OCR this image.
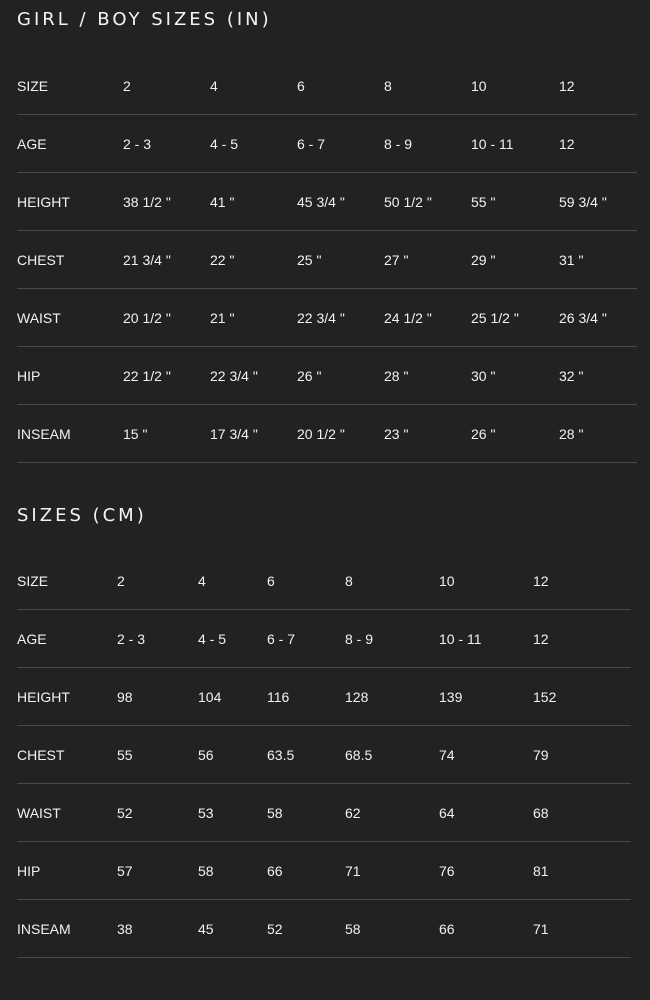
GIRL / BOY SIZES (IN)
SIZE	2	4	6	8	10	12
AGE	2 - 3	4 - 5	6 - 7	8 - 9	10 - 11	12
HEIGHT	38 1/2 "	41 "	45 3/4 "	50 1/2 "	55 "	59 3/4 "
CHEST	21 3/4 "	22 "	25 "	27 "	29 "	31 "
WAIST	20 1/2 "	21 "	22 3/4 "	24 1/2 "	25 1/2 "	26 3/4 "
HIP	22 1/2 "	22 3/4 "	26 "	28 "	30 "	32 "
INSEAM	15 "	17 3/4 "	20 1/2 "	23 "	26 "	28 "
SIZES (CM)
SIZE	2	4	6	8	10	12
AGE	2 - 3	4 - 5	6 - 7	8 - 9	10 - 11	12
HEIGHT	98	104	116	128	139	152
CHEST	55	56	63.5	68.5	74	79
WAIST	52	53	58	62	64	68
HIP	57	58	66	71	76	81
INSEAM	38	45	52	58	66	71
